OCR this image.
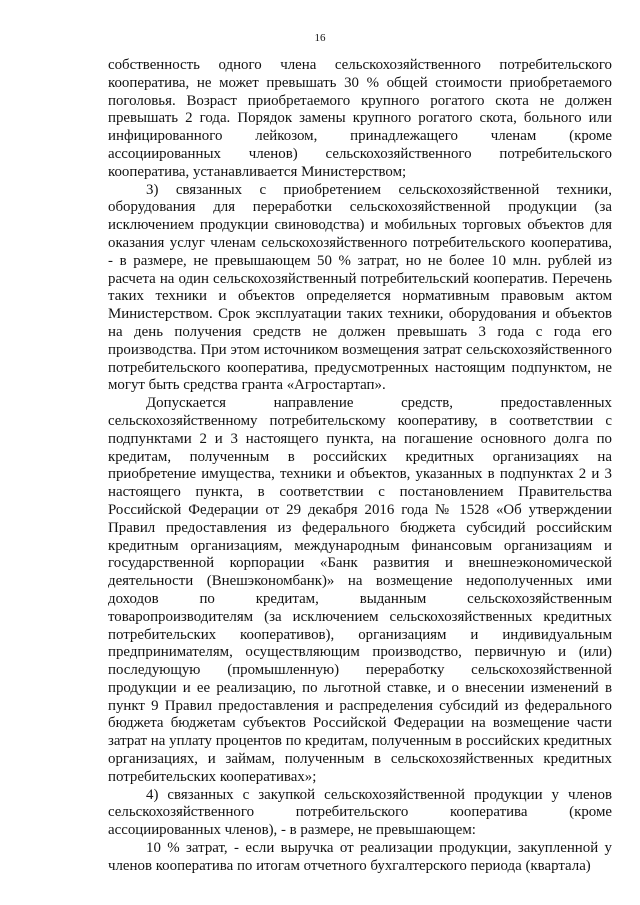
16

собственность одного члена сельскохозяйственного потребительского кооператива, не может превышать 30 % общей стоимости приобретаемого поголовья. Возраст приобретаемого крупного рогатого скота не должен превышать 2 года. Порядок замены крупного рогатого скота, больного или инфицированного лейкозом, принадлежащего членам (кроме ассоциированных членов) сельскохозяйственного потребительского кооператива, устанавливается Министерством;

3) связанных с приобретением сельскохозяйственной техники, оборудования для переработки сельскохозяйственной продукции (за исключением продукции свиноводства) и мобильных торговых объектов для оказания услуг членам сельскохозяйственного потребительского кооператива, - в размере, не превышающем 50 % затрат, но не более 10 млн. рублей из расчета на один сельскохозяйственный потребительский кооператив. Перечень таких техники и объектов определяется нормативным правовым актом Министерством. Срок эксплуатации таких техники, оборудования и объектов на день получения средств не должен превышать 3 года с года его производства. При этом источником возмещения затрат сельскохозяйственного потребительского кооператива, предусмотренных настоящим подпунктом, не могут быть средства гранта «Агростартап».

Допускается направление средств, предоставленных сельскохозяйственному потребительскому кооперативу, в соответствии с подпунктами 2 и 3 настоящего пункта, на погашение основного долга по кредитам, полученным в российских кредитных организациях на приобретение имущества, техники и объектов, указанных в подпунктах 2 и 3 настоящего пункта, в соответствии с постановлением Правительства Российской Федерации от 29 декабря 2016 года № 1528 «Об утверждении Правил предоставления из федерального бюджета субсидий российским кредитным организациям, международным финансовым организациям и государственной корпорации «Банк развития и внешнеэкономической деятельности (Внешэкономбанк)» на возмещение недополученных ими доходов по кредитам, выданным сельскохозяйственным товаропроизводителям (за исключением сельскохозяйственных кредитных потребительских кооперативов), организациям и индивидуальным предпринимателям, осуществляющим производство, первичную и (или) последующую (промышленную) переработку сельскохозяйственной продукции и ее реализацию, по льготной ставке, и о внесении изменений в пункт 9 Правил предоставления и распределения субсидий из федерального бюджета бюджетам субъектов Российской Федерации на возмещение части затрат на уплату процентов по кредитам, полученным в российских кредитных организациях, и займам, полученным в сельскохозяйственных кредитных потребительских кооперативах»;

4) связанных с закупкой сельскохозяйственной продукции у членов сельскохозяйственного потребительского кооператива (кроме ассоциированных членов), - в размере, не превышающем:

10 % затрат, - если выручка от реализации продукции, закупленной у членов кооператива по итогам отчетного бухгалтерского периода (квартала)
